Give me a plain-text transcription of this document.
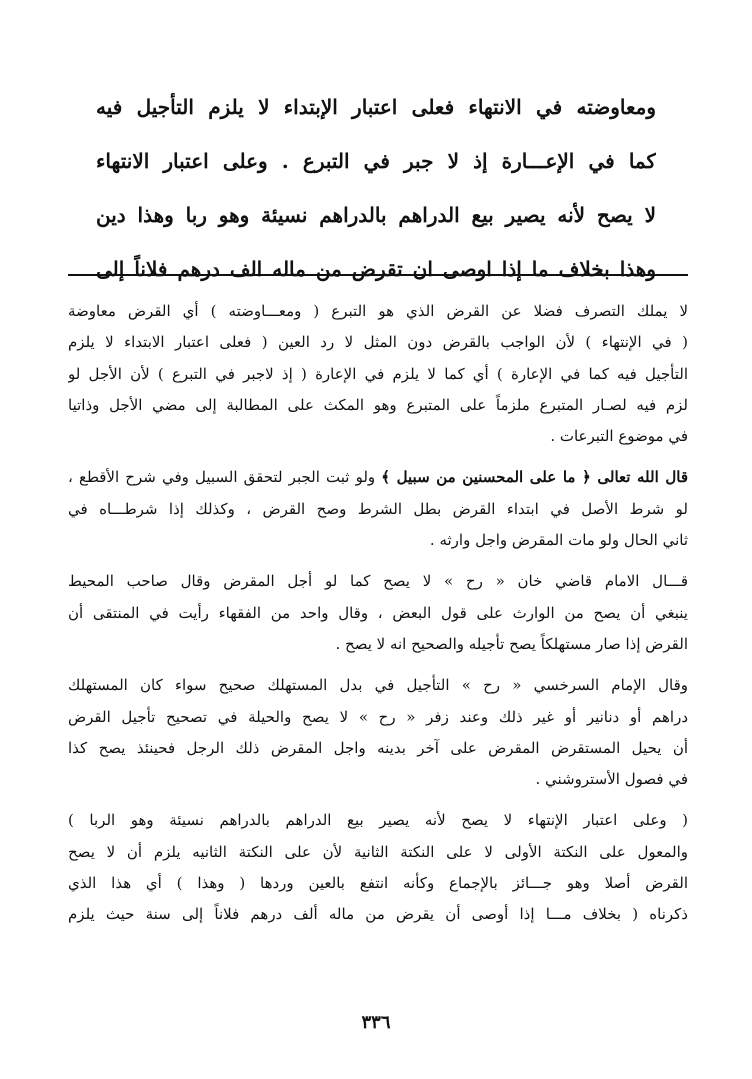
ومعاوضته في الانتهاء فعلى اعتبار الإبتداء لا يلزم التأجيل فيه
كما في الإعـــارة إذ لا جبر في التبرع . وعلى اعتبار الانتهاء
لا يصح لأنه يصير بيع الدراهم بالدراهم نسيئة وهو ربا وهذا دين
وهذا بخلاف ما إذا اوصى ان تقرض من ماله الف درهم فلاناً إلى
لا يملك التصرف فضلا عن القرض الذي هو التبرع ( ومعـــاوضته ) أي القرض معاوضة
( في الإنتهاء ) لأن الواجب بالقرض دون المثل لا رد العين ( فعلى اعتبار الابتداء لا يلزم
التأجيل فيه كما في الإعارة ) أي كما لا يلزم في الإعارة ( إذ لاجبر في التبرع ) لأن الأجل لو
لزم فيه لصـار المتبرع ملزماً على المتبرع وهو المكث على المطالبة إلى مضي الأجل وذاتيا
في موضوع التبرعات .
قال الله تعالى ﴿ ما على المحسنين من سبيل ﴾ ولو ثبت الجبر لتحقق السبيل وفي شرح الأقطع ،
لو شرط الأصل في ابتداء القرض بطل الشرط وصح القرض ، وكذلك إذا شرطـــاه في
ثاني الحال ولو مات المقرض واجل وارثه .
قـــال الامام قاضي خان « رح » لا يصح كما لو أجل المقرض وقال صاحب المحيط
ينبغي أن يصح من الوارث على قول البعض ، وقال واحد من الفقهاء رأيت في المنتقى أن
القرض إذا صار مستهلكاً يصح تأجيله والصحيح انه لا يصح .
وقال الإمام السرخسي « رح » التأجيل في بدل المستهلك صحيح سواء كان المستهلك
دراهم أو دنانير أو غير ذلك وعند زفر « رح » لا يصح والحيلة في تصحيح تأجيل القرض
أن يحيل المستقرض المقرض على آخر بدينه واجل المقرض ذلك الرجل فحينئذ يصح كذا
في فصول الأستروشني .
( وعلى اعتبار الإنتهاء لا يصح لأنه يصير بيع الدراهم بالدراهم نسيئة وهو الربا )
والمعول على النكتة الأولى لا على النكتة الثانية لأن على النكتة الثانيه يلزم أن لا يصح
القرض أصلا وهو جـــائز بالإجماع وكأنه انتفع بالعين وردها ( وهذا ) أي هذا الذي
ذكرناه ( بخلاف مـــا إذا أوصى أن يقرض من ماله ألف درهم فلاناً إلى سنة حيث يلزم
٣٣٦
